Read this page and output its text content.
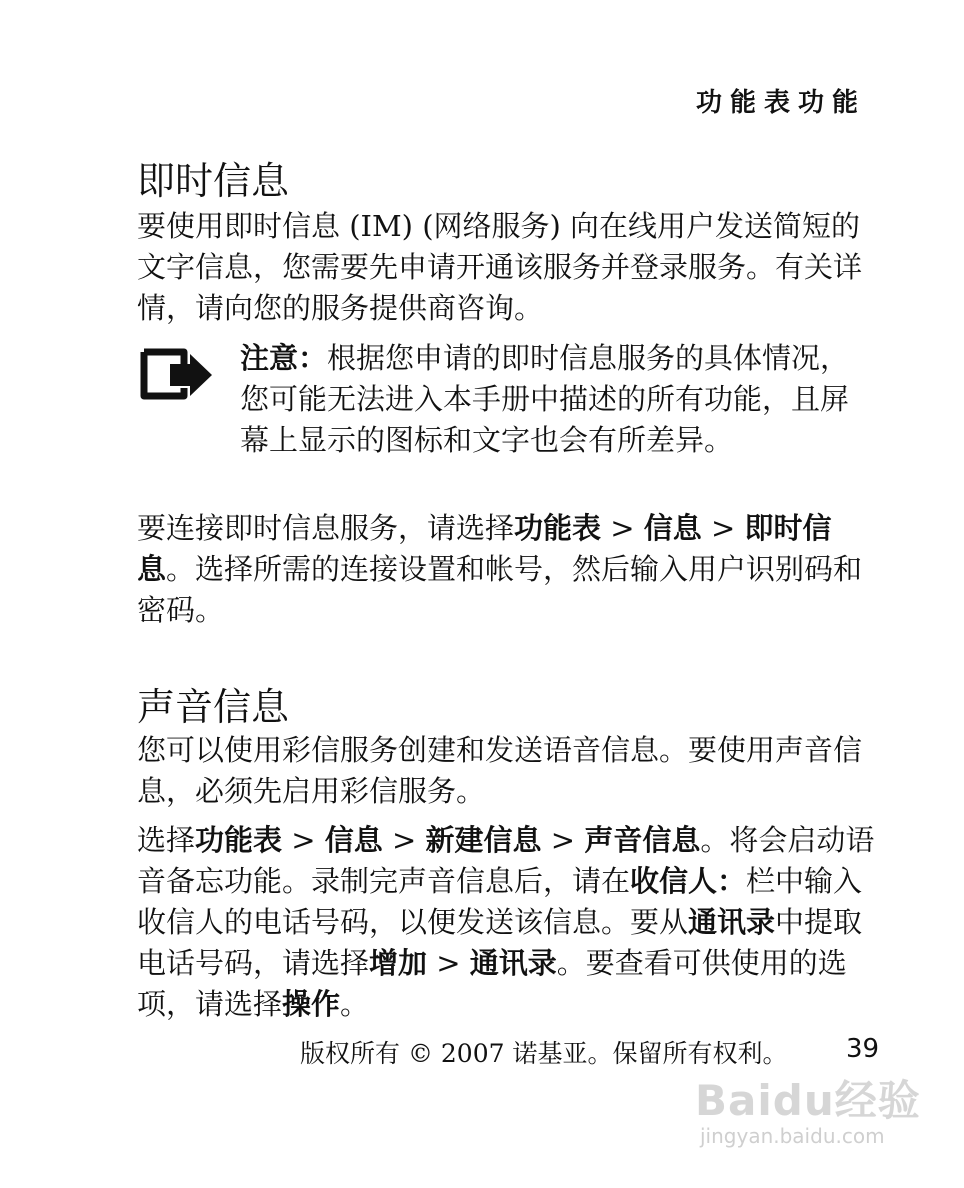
功能表功能
即时信息

要使用即时信息 (IM) (网络服务) 向在线用户发送简短的文字信息，您需要先申请开通该服务并登录服务。有关详情，请向您的服务提供商咨询。

注意：根据您申请的即时信息服务的具体情况，您可能无法进入本手册中描述的所有功能，且屏幕上显示的图标和文字也会有所差异。

要连接即时信息服务，请选择功能表 > 信息 > 即时信息。选择所需的连接设置和帐号，然后输入用户识别码和密码。

声音信息

您可以使用彩信服务创建和发送语音信息。要使用声音信息，必须先启用彩信服务。

选择功能表 > 信息 > 新建信息 > 声音信息。将会启动语音备忘功能。录制完声音信息后，请在收信人：栏中输入收信人的电话号码，以便发送该信息。要从通讯录中提取电话号码，请选择增加 > 通讯录。要查看可供使用的选项，请选择操作。

版权所有 © 2007 诺基亚。保留所有权利。 39
Baidu经验
jingyan.baidu.com
